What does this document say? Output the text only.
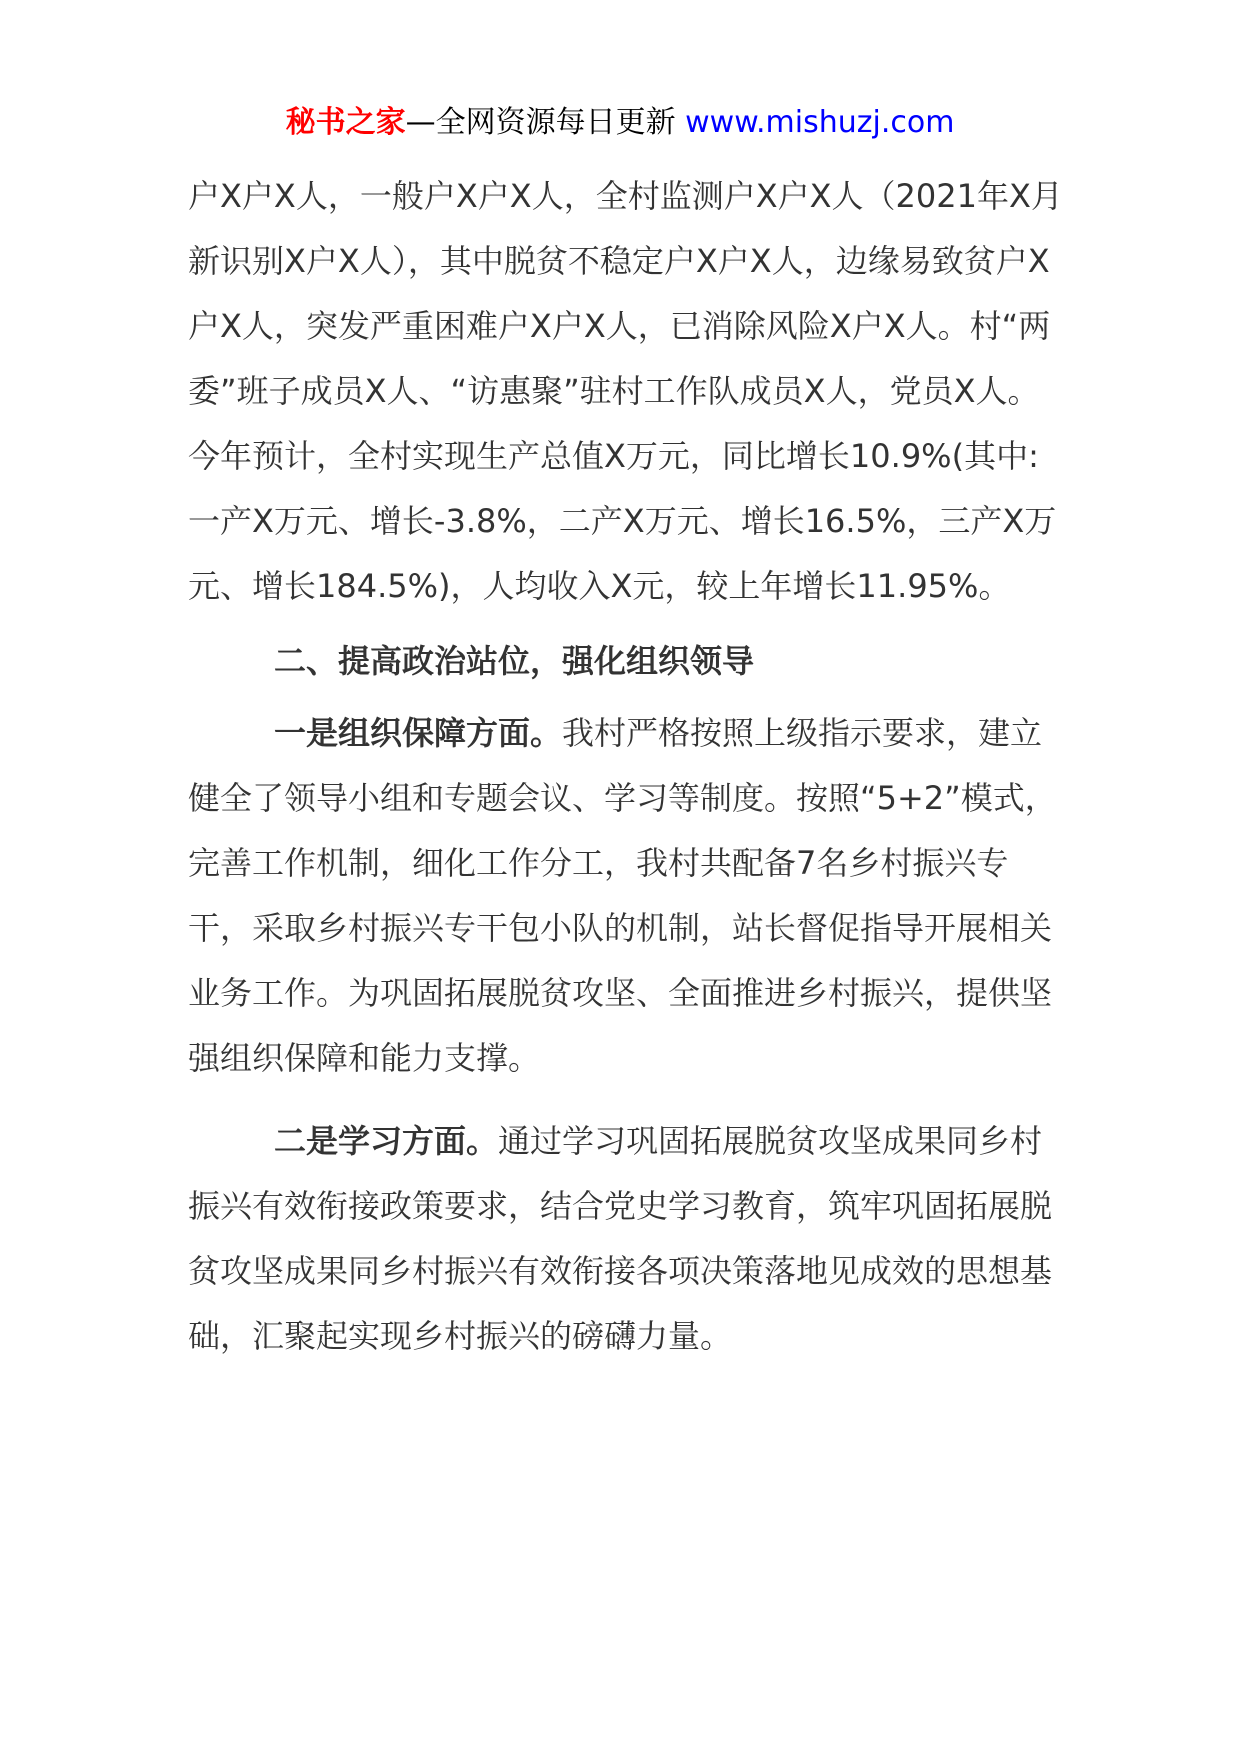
秘书之家—全网资源每日更新 www.mishuzj.com

户X户X人，一般户X户X人，全村监测户X户X人（2021年X月新识别X户X人），其中脱贫不稳定户X户X人，边缘易致贫户X户X人，突发严重困难户X户X人，已消除风险X户X人。村“两委”班子成员X人、“访惠聚”驻村工作队成员X人，党员X人。今年预计，全村实现生产总值X万元，同比增长10.9%(其中:一产X万元、增长-3.8%，二产X万元、增长16.5%，三产X万元、增长184.5%)，人均收入X元，较上年增长11.95%。

二、提高政治站位，强化组织领导

一是组织保障方面。我村严格按照上级指示要求，建立健全了领导小组和专题会议、学习等制度。按照“5+2”模式，完善工作机制，细化工作分工，我村共配备7名乡村振兴专干，采取乡村振兴专干包小队的机制，站长督促指导开展相关业务工作。为巩固拓展脱贫攻坚、全面推进乡村振兴，提供坚强组织保障和能力支撑。

二是学习方面。通过学习巩固拓展脱贫攻坚成果同乡村振兴有效衔接政策要求，结合党史学习教育，筑牢巩固拓展脱贫攻坚成果同乡村振兴有效衔接各项决策落地见成效的思想基础，汇聚起实现乡村振兴的磅礴力量。
